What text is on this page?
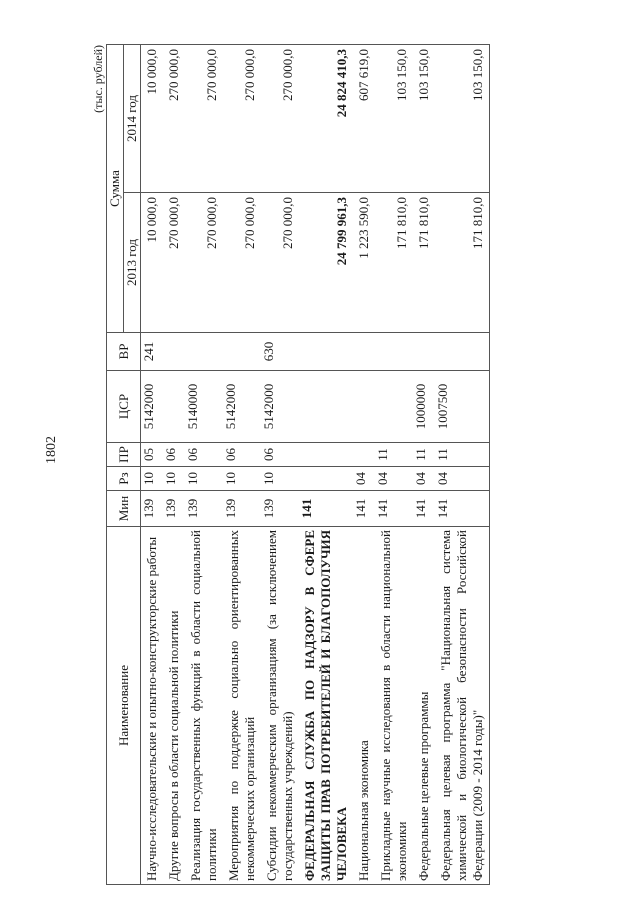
1802
(тыс. рублей)
Наименование	Мин	Рз	ПР	ЦСР	ВР	Сумма	
						2013 год	2014 год
Научно-исследовательские и опытно-конструкторские работы	139	10	05	5142000	241	10 000,0	10 000,0
Другие вопросы в области социальной политики	139	10	06			270 000,0	270 000,0
Реализация государственных функций в области социальной политики	139	10	06	5140000		270 000,0	270 000,0
Мероприятия по поддержке социально ориентированных некоммерческих организаций	139	10	06	5142000		270 000,0	270 000,0
Субсидии некоммерческим организациям (за исключением государственных учреждений)	139	10	06	5142000	630	270 000,0	270 000,0
ФЕДЕРАЛЬНАЯ СЛУЖБА ПО НАДЗОРУ В СФЕРЕ ЗАЩИТЫ ПРАВ ПОТРЕБИТЕЛЕЙ И БЛАГОПОЛУЧИЯ ЧЕЛОВЕКА	141					24 799 961,3	24 824 410,3
Национальная экономика	141	04				1 223 590,0	607 619,0
Прикладные научные исследования в области национальной экономики	141	04	11			171 810,0	103 150,0
Федеральные целевые программы	141	04	11	1000000		171 810,0	103 150,0
Федеральная целевая программа "Национальная система химической и биологической безопасности Российской Федерации (2009 - 2014 годы)"	141	04	11	1007500		171 810,0	103 150,0
